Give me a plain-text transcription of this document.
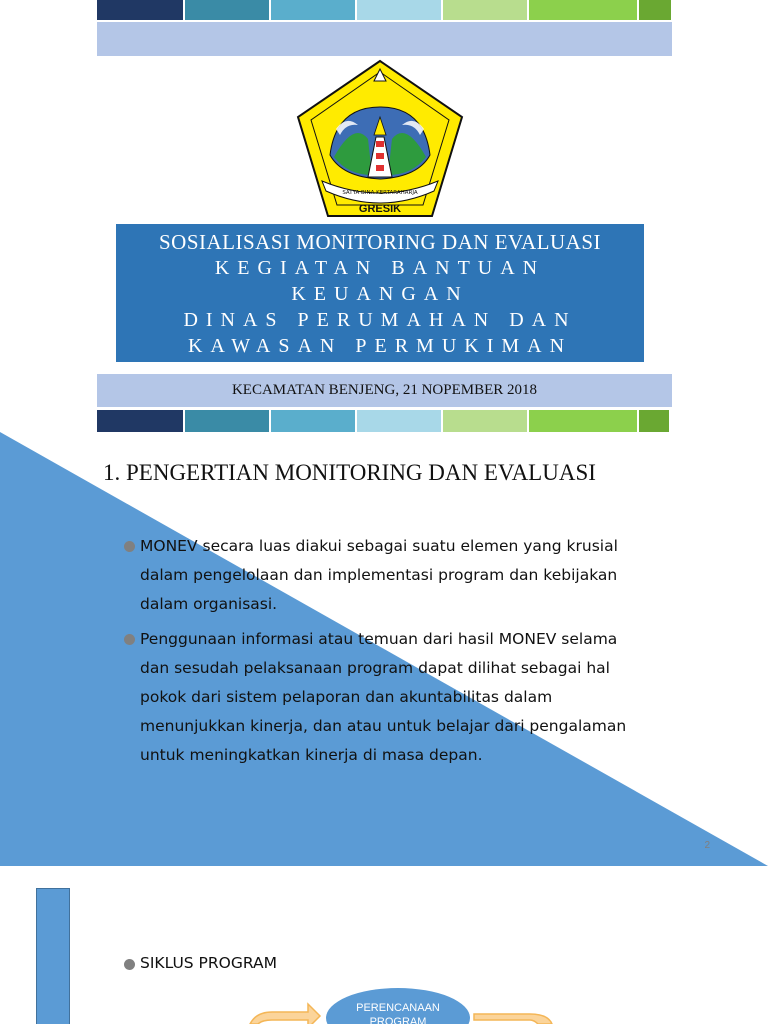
SATYA BINA KERTARAHARJA
GRESIK
SOSIALISASI MONITORING DAN EVALUASI
KEGIATAN BANTUAN
KEUANGAN
DINAS PERUMAHAN DAN
KAWASAN PERMUKIMAN
KECAMATAN BENJENG, 21 NOPEMBER 2018
1. PENGERTIAN MONITORING DAN EVALUASI
MONEV secara luas diakui sebagai suatu elemen yang krusial
dalam pengelolaan dan implementasi program dan kebijakan
dalam organisasi.
Penggunaan informasi atau temuan dari hasil MONEV selama
dan sesudah pelaksanaan program dapat dilihat sebagai hal
pokok dari sistem pelaporan dan akuntabilitas dalam
menunjukkan kinerja, dan atau untuk belajar dari pengalaman
untuk meningkatkan kinerja di masa depan.
2
SIKLUS PROGRAM
PERENCANAAN
PROGRAM
